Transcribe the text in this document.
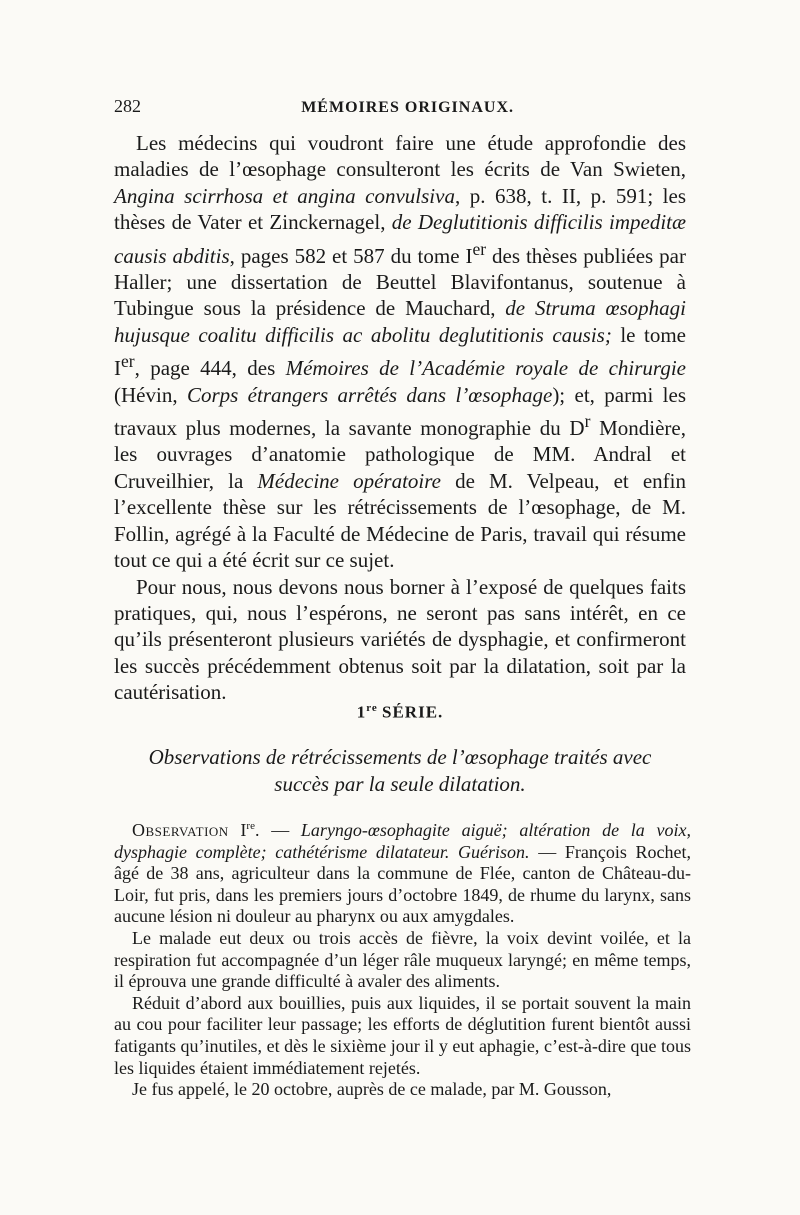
282	MÉMOIRES ORIGINAUX.

Les médecins qui voudront faire une étude approfondie des maladies de l’œsophage consulteront les écrits de Van Swieten, Angina scirrhosa et angina convulsiva, p. 638, t. II, p. 591; les thèses de Vater et Zinckernagel, de Deglutitionis difficilis impeditæ causis abditis, pages 582 et 587 du tome Ier des thèses publiées par Haller; une dissertation de Beuttel Blavifontanus, soutenue à Tubingue sous la présidence de Mauchard, de Struma œsophagi hujusque coalitu difficilis ac abolitu deglutitionis causis; le tome Ier, page 444, des Mémoires de l’Académie royale de chirurgie (Hévin, Corps étrangers arrêtés dans l’œsophage); et, parmi les travaux plus modernes, la savante monographie du $D^r$ Mondière, les ouvrages d’anatomie pathologique de MM. Andral et Cruveilhier, la Médecine opératoire de M. Velpeau, et enfin l’excellente thèse sur les rétrécissements de l’œsophage, de M. Follin, agrégé à la Faculté de Médecine de Paris, travail qui résume tout ce qui a été écrit sur ce sujet.

Pour nous, nous devons nous borner à l’exposé de quelques faits pratiques, qui, nous l’espérons, ne seront pas sans intérêt, en ce qu’ils présenteront plusieurs variétés de dysphagie, et confirmeront les succès précédemment obtenus soit par la dilatation, soit par la cautérisation.

1re SÉRIE.
Observations de rétrécissements de l’œsophage traités avec
succès par la seule dilatation.

Observation Ire. — Laryngo-œsophagite aiguë; altération de la voix, dysphagie complète; cathétérisme dilatateur. Guérison. — François Rochet, âgé de 38 ans, agriculteur dans la commune de Flée, canton de Château-du-Loir, fut pris, dans les premiers jours d’octobre 1849, de rhume du larynx, sans aucune lésion ni douleur au pharynx ou aux amygdales.

Le malade eut deux ou trois accès de fièvre, la voix devint voilée, et la respiration fut accompagnée d’un léger râle muqueux laryngé; en même temps, il éprouva une grande difficulté à avaler des aliments.

Réduit d’abord aux bouillies, puis aux liquides, il se portait souvent la main au cou pour faciliter leur passage; les efforts de déglutition furent bientôt aussi fatigants qu’inutiles, et dès le sixième jour il y eut aphagie, c’est-à-dire que tous les liquides étaient immédiatement rejetés.

Je fus appelé, le 20 octobre, auprès de ce malade, par M. Gousson,
